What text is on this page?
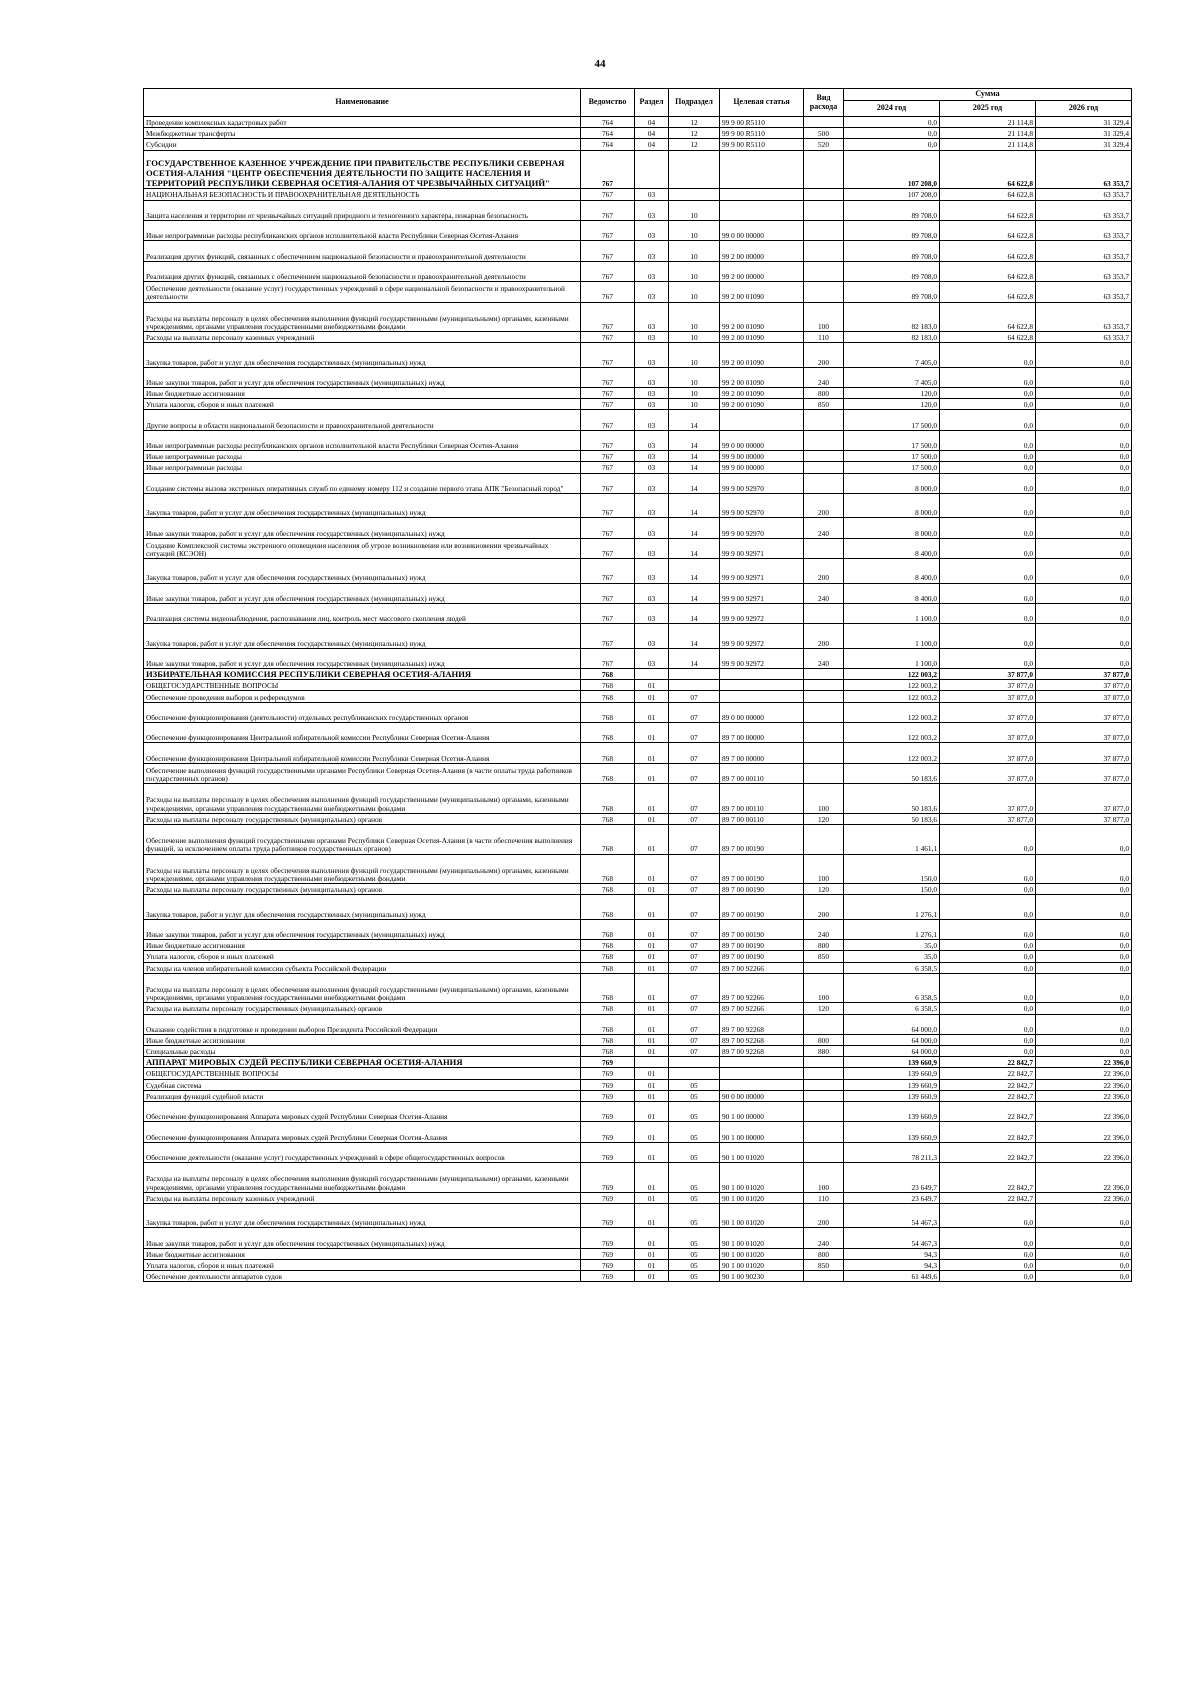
44
Наименование	Ведомство	Раздел	Подраздел	Целевая статья	Вид расхода	Сумма		
						2024 год	2025 год	2026 год
Проведение комплексных кадастровых работ	764	04	12	99 9 00 R5110		0,0	21 114,8	31 329,4
Межбюджетные трансферты	764	04	12	99 9 00 R5110	500	0,0	21 114,8	31 329,4
Субсидии	764	04	12	99 9 00 R5110	520	0,0	21 114,8	31 329,4
ГОСУДАРСТВЕННОЕ КАЗЕННОЕ УЧРЕЖДЕНИЕ ПРИ ПРАВИТЕЛЬСТВЕ РЕСПУБЛИКИ СЕВЕРНАЯ ОСЕТИЯ-АЛАНИЯ "ЦЕНТР ОБЕСПЕЧЕНИЯ ДЕЯТЕЛЬНОСТИ ПО ЗАЩИТЕ НАСЕЛЕНИЯ И ТЕРРИТОРИЙ РЕСПУБЛИКИ СЕВЕРНАЯ ОСЕТИЯ-АЛАНИЯ ОТ ЧРЕЗВЫЧАЙНЫХ СИТУАЦИЙ"	767					107 208,0	64 622,8	63 353,7
НАЦИОНАЛЬНАЯ БЕЗОПАСНОСТЬ И ПРАВООХРАНИТЕЛЬНАЯ ДЕЯТЕЛЬНОСТЬ	767	03				107 208,0	64 622,8	63 353,7
Защита населения и территории от чрезвычайных ситуаций природного и техногенного характера, пожарная безопасность	767	03	10			89 708,0	64 622,8	63 353,7
Иные непрограммные расходы республиканских органов исполнительной власти Республики Северная Осетия-Алания	767	03	10	99 0 00 00000		89 708,0	64 622,8	63 353,7
Реализация других функций, связанных с обеспечением национальной безопасности и правоохранительной деятельности	767	03	10	99 2 00 00000		89 708,0	64 622,8	63 353,7
Реализация других функций, связанных с обеспечением национальной безопасности и правоохранительной деятельности	767	03	10	99 2 00 00000		89 708,0	64 622,8	63 353,7
Обеспечение деятельности (оказание услуг) государственных учреждений в сфере национальной безопасности и правоохранительной деятельности	767	03	10	99 2 00 01090		89 708,0	64 622,8	63 353,7
Расходы на выплаты персоналу в целях обеспечения выполнения функций государственными (муниципальными) органами, казенными учреждениями, органами управления государственными внебюджетными фондами	767	03	10	99 2 00 01090	100	82 183,0	64 622,8	63 353,7
Расходы на выплаты персоналу казенных учреждений	767	03	10	99 2 00 01090	110	82 183,0	64 622,8	63 353,7
Закупка товаров, работ и услуг для обеспечения государственных (муниципальных) нужд	767	03	10	99 2 00 01090	200	7 405,0	0,0	0,0
Иные закупки товаров, работ и услуг для обеспечения государственных (муниципальных) нужд	767	03	10	99 2 00 01090	240	7 405,0	0,0	0,0
Иные бюджетные ассигнования	767	03	10	99 2 00 01090	800	120,0	0,0	0,0
Уплата налогов, сборов и иных платежей	767	03	10	99 2 00 01090	850	120,0	0,0	0,0
Другие вопросы в области национальной безопасности и правоохранительной деятельности	767	03	14			17 500,0	0,0	0,0
Иные непрограммные расходы республиканских органов исполнительной власти Республики Северная Осетия-Алания	767	03	14	99 0 00 00000		17 500,0	0,0	0,0
Иные непрограммные расходы	767	03	14	99 9 00 00000		17 500,0	0,0	0,0
Иные непрограммные расходы	767	03	14	99 9 00 00000		17 500,0	0,0	0,0
Создание системы вызова экстренных оперативных служб по единому номеру 112 и создание первого этапа АПК "Безопасный город"	767	03	14	99 9 00 92970		8 000,0	0,0	0,0
Закупка товаров, работ и услуг для обеспечения государственных (муниципальных) нужд	767	03	14	99 9 00 92970	200	8 000,0	0,0	0,0
Иные закупки товаров, работ и услуг для обеспечения государственных (муниципальных) нужд	767	03	14	99 9 00 92970	240	8 000,0	0,0	0,0
Создание Комплексной системы экстренного оповещения населения об угрозе возникновения или возникновении чрезвычайных ситуаций (КСЭОН)	767	03	14	99 9 00 92971		8 400,0	0,0	0,0
Закупка товаров, работ и услуг для обеспечения государственных (муниципальных) нужд	767	03	14	99 9 00 92971	200	8 400,0	0,0	0,0
Иные закупки товаров, работ и услуг для обеспечения государственных (муниципальных) нужд	767	03	14	99 9 00 92971	240	8 400,0	0,0	0,0
Реализация системы видеонаблюдения, распознавания лиц, контроль мест массового скопления людей	767	03	14	99 9 00 92972		1 100,0	0,0	0,0
Закупка товаров, работ и услуг для обеспечения государственных (муниципальных) нужд	767	03	14	99 9 00 92972	200	1 100,0	0,0	0,0
Иные закупки товаров, работ и услуг для обеспечения государственных (муниципальных) нужд	767	03	14	99 9 00 92972	240	1 100,0	0,0	0,0
ИЗБИРАТЕЛЬНАЯ КОМИССИЯ РЕСПУБЛИКИ СЕВЕРНАЯ ОСЕТИЯ-АЛАНИЯ	768					122 003,2	37 877,0	37 877,0
ОБЩЕГОСУДАРСТВЕННЫЕ ВОПРОСЫ	768	01				122 003,2	37 877,0	37 877,0
Обеспечение проведения выборов и референдумов	768	01	07			122 003,2	37 877,0	37 877,0
Обеспечение функционирования (деятельности) отдельных республиканских государственных органов	768	01	07	89 0 00 00000		122 003,2	37 877,0	37 877,0
Обеспечение функционирования Центральной избирательной комиссии Республики Северная Осетия-Алания	768	01	07	89 7 00 00000		122 003,2	37 877,0	37 877,0
Обеспечение функционирования Центральной избирательной комиссии Республики Северная Осетия-Алания	768	01	07	89 7 00 00000		122 003,2	37 877,0	37 877,0
Обеспечение выполнения функций государственными органами Республики Северная Осетия-Алания (в части оплаты труда работников государственных органов)	768	01	07	89 7 00 00110		50 183,6	37 877,0	37 877,0
Расходы на выплаты персоналу в целях обеспечения выполнения функций государственными (муниципальными) органами, казенными учреждениями, органами управления государственными внебюджетными фондами	768	01	07	89 7 00 00110	100	50 183,6	37 877,0	37 877,0
Расходы на выплаты персоналу государственных (муниципальных) органов	768	01	07	89 7 00 00110	120	50 183,6	37 877,0	37 877,0
Обеспечение выполнения функций государственными органами Республики Северная Осетия-Алания (в части обеспечения выполнения функций, за исключением оплаты труда работников государственных органов)	768	01	07	89 7 00 00190		1 461,1	0,0	0,0
Расходы на выплаты персоналу в целях обеспечения выполнения функций государственными (муниципальными) органами, казенными учреждениями, органами управления государственными внебюджетными фондами	768	01	07	89 7 00 00190	100	150,0	0,0	0,0
Расходы на выплаты персоналу государственных (муниципальных) органов	768	01	07	89 7 00 00190	120	150,0	0,0	0,0
Закупка товаров, работ и услуг для обеспечения государственных (муниципальных) нужд	768	01	07	89 7 00 00190	200	1 276,1	0,0	0,0
Иные закупки товаров, работ и услуг для обеспечения государственных (муниципальных) нужд	768	01	07	89 7 00 00190	240	1 276,1	0,0	0,0
Иные бюджетные ассигнования	768	01	07	89 7 00 00190	800	35,0	0,0	0,0
Уплата налогов, сборов и иных платежей	768	01	07	89 7 00 00190	850	35,0	0,0	0,0
Расходы на членов избирательной комиссии субъекта Российской Федерации	768	01	07	89 7 00 92266		6 358,5	0,0	0,0
Расходы на выплаты персоналу в целях обеспечения выполнения функций государственными (муниципальными) органами, казенными учреждениями, органами управления государственными внебюджетными фондами	768	01	07	89 7 00 92266	100	6 358,5	0,0	0,0
Расходы на выплаты персоналу государственных (муниципальных) органов	768	01	07	89 7 00 92266	120	6 358,5	0,0	0,0
Оказание содействия в подготовке и проведении выборов Президента Российской Федерации	768	01	07	89 7 00 92268		64 000,0	0,0	0,0
Иные бюджетные ассигнования	768	01	07	89 7 00 92268	800	64 000,0	0,0	0,0
Специальные расходы	768	01	07	89 7 00 92268	880	64 000,0	0,0	0,0
АППАРАТ МИРОВЫХ СУДЕЙ РЕСПУБЛИКИ СЕВЕРНАЯ ОСЕТИЯ-АЛАНИЯ	769					139 660,9	22 842,7	22 396,0
ОБЩЕГОСУДАРСТВЕННЫЕ ВОПРОСЫ	769	01				139 660,9	22 842,7	22 396,0
Судебная система	769	01	05			139 660,9	22 842,7	22 396,0
Реализация функций судебной власти	769	01	05	90 0 00 00000		139 660,9	22 842,7	22 396,0
Обеспечение функционирования Аппарата мировых судей Республики Северная Осетия-Алания	769	01	05	90 1 00 00000		139 660,9	22 842,7	22 396,0
Обеспечение функционирования Аппарата мировых судей Республики Северная Осетия-Алания	769	01	05	90 1 00 00000		139 660,9	22 842,7	22 396,0
Обеспечение деятельности (оказание услуг) государственных учреждений в сфере общегосударственных вопросов	769	01	05	90 1 00 01020		78 211,3	22 842,7	22 396,0
Расходы на выплаты персоналу в целях обеспечения выполнения функций государственными (муниципальными) органами, казенными учреждениями, органами управления государственными внебюджетными фондами	769	01	05	90 1 00 01020	100	23 649,7	22 842,7	22 396,0
Расходы на выплаты персоналу казенных учреждений	769	01	05	90 1 00 01020	110	23 649,7	22 842,7	22 396,0
Закупка товаров, работ и услуг для обеспечения государственных (муниципальных) нужд	769	01	05	90 1 00 01020	200	54 467,3	0,0	0,0
Иные закупки товаров, работ и услуг для обеспечения государственных (муниципальных) нужд	769	01	05	90 1 00 01020	240	54 467,3	0,0	0,0
Иные бюджетные ассигнования	769	01	05	90 1 00 01020	800	94,3	0,0	0,0
Уплата налогов, сборов и иных платежей	769	01	05	90 1 00 01020	850	94,3	0,0	0,0
Обеспечение деятельности аппаратов судов	769	01	05	90 1 00 90230		61 449,6	0,0	0,0
